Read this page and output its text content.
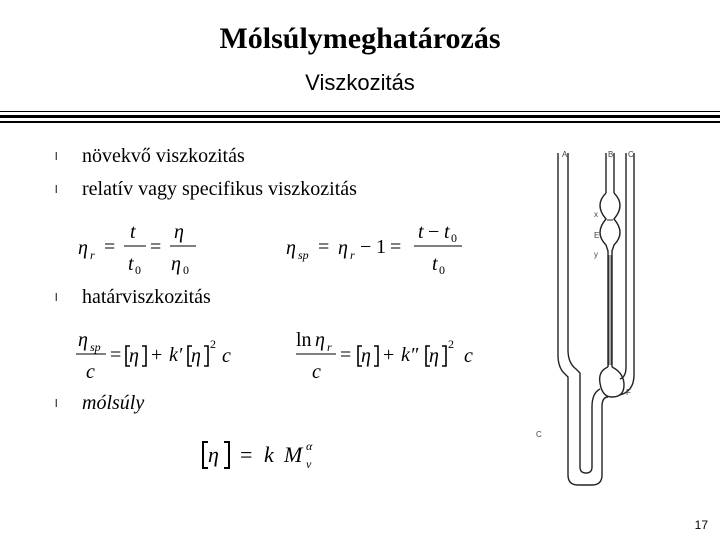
Mólsúlymeghatározás
Viszkozitás
l növekvő viszkozitás
l relatív vagy specifikus viszkozitás
η r =
t
t 0
=
η
η 0
η sp = η r − 1 =
t − t 0
t 0
l határviszkozitás
η sp
c
= η + k′ η
2
c
ln η r
c
= η + k″ η
2
c
l mólsúly
η = k M α
v
A	B C
x
E
y
F
C
17
